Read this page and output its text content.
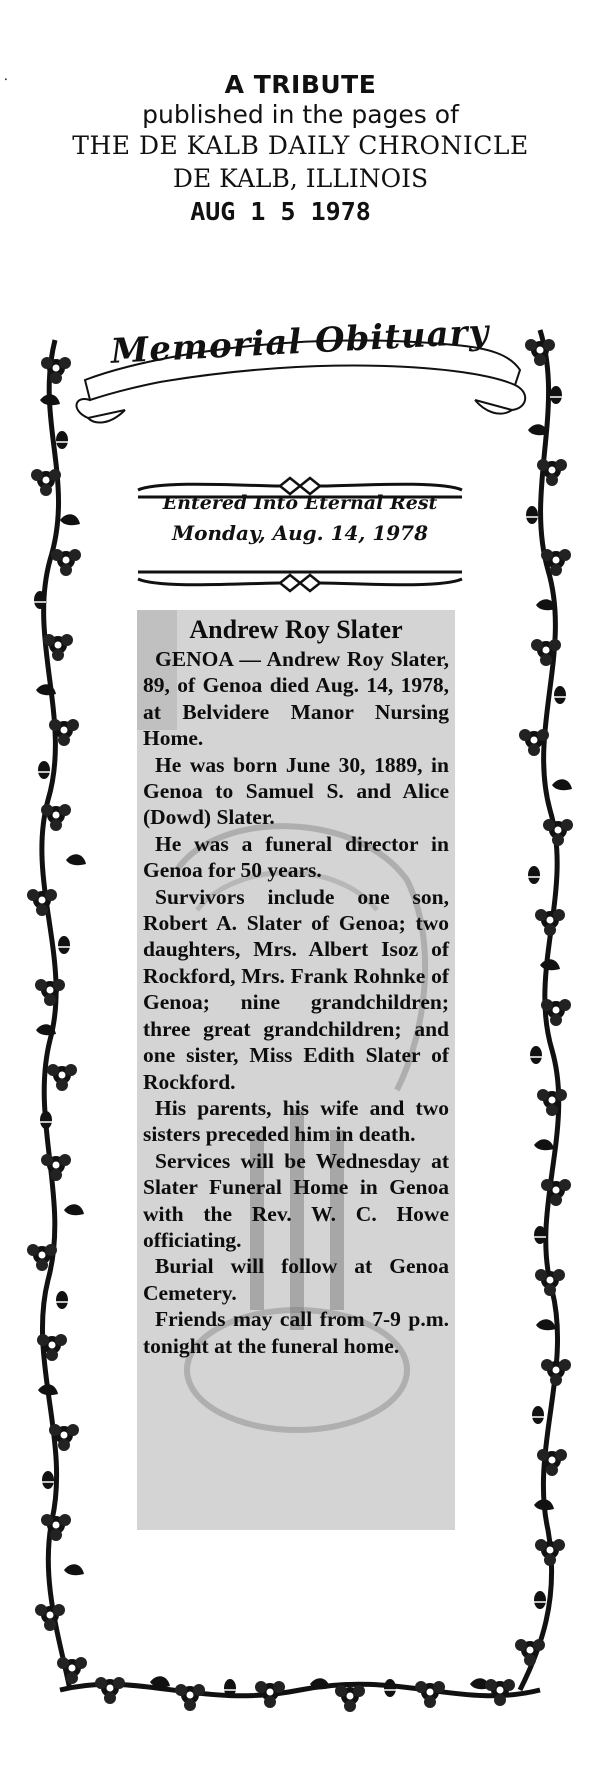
⸱	A TRIBUTE
published in the pages of
THE DE KALB DAILY CHRONICLE
DE KALB, ILLINOIS
AUG 1 5 1978
Memorial Obituary
Entered Into Eternal Rest
Monday, Aug. 14, 1978
Andrew Roy Slater

GENOA — Andrew Roy Slater, 89, of Genoa died Aug. 14, 1978, at Belvidere Manor Nursing Home.

He was born June 30, 1889, in Genoa to Samuel S. and Alice (Dowd) Slater.

He was a funeral director in Genoa for 50 years.

Survivors include one son, Robert A. Slater of Genoa; two daughters, Mrs. Albert Isoz of Rockford, Mrs. Frank Rohnke of Genoa; nine grandchildren; three great grandchildren; and one sister, Miss Edith Slater of Rockford.

His parents, his wife and two sisters preceded him in death.

Services will be Wednesday at Slater Funeral Home in Genoa with the Rev. W. C. Howe officiating.

Burial will follow at Genoa Cemetery.

Friends may call from 7-9 p.m. tonight at the funeral home.
